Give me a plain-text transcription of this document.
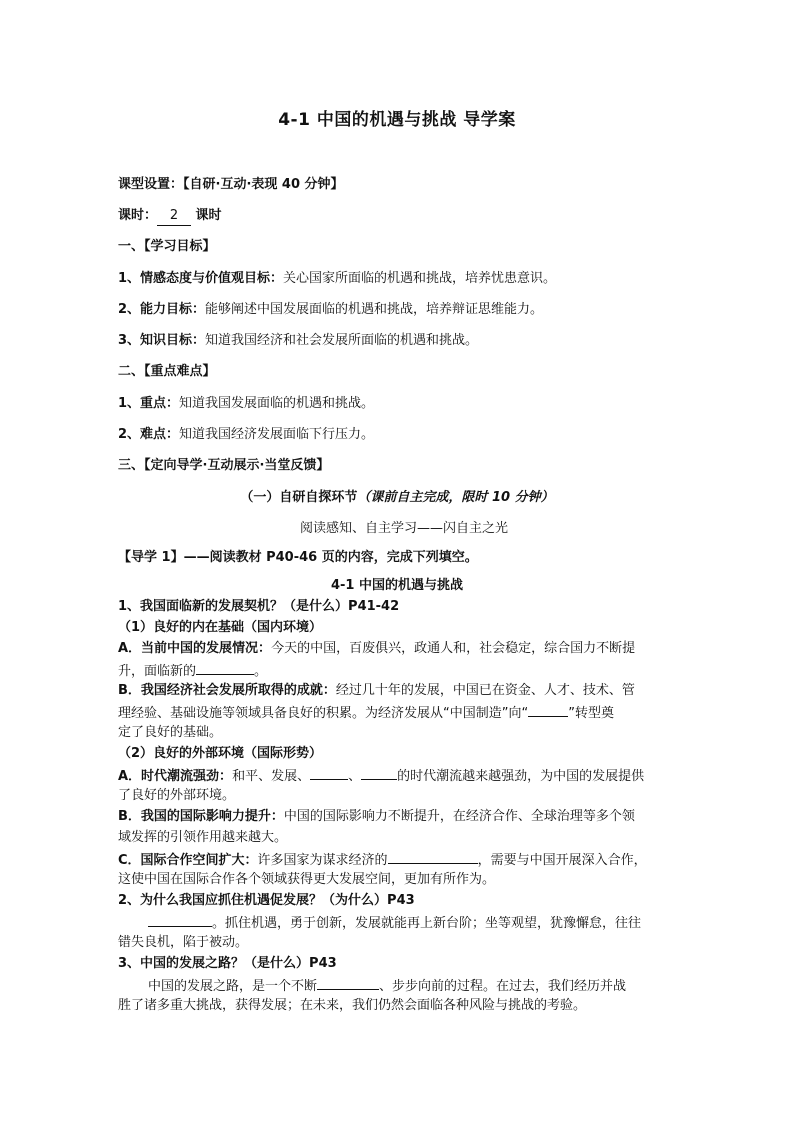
4-1 中国的机遇与挑战 导学案
课型设置：【自研·互动·表现 40 分钟】
课时： 2 课时
一、【学习目标】
1、情感态度与价值观目标：关心国家所面临的机遇和挑战，培养忧患意识。
2、能力目标：能够阐述中国发展面临的机遇和挑战，培养辩证思维能力。
3、知识目标：知道我国经济和社会发展所面临的机遇和挑战。
二、【重点难点】
1、重点：知道我国发展面临的机遇和挑战。
2、难点：知道我国经济发展面临下行压力。
三、【定向导学·互动展示·当堂反馈】
（一）自研自探环节（课前自主完成，限时 10 分钟）
阅读感知、自主学习——闪自主之光
【导学 1】——阅读教材 P40-46 页的内容，完成下列填空。
4-1 中国的机遇与挑战
1、我国面临新的发展契机？（是什么）P41-42
（1）良好的内在基础（国内环境）
A．当前中国的发展情况：今天的中国，百废俱兴，政通人和，社会稳定，综合国力不断提
升，面临新的	。
B．我国经济社会发展所取得的成就：经过几十年的发展，中国已在资金、人才、技术、管
理经验、基础设施等领域具备良好的积累。为经济发展从“中国制造”向“	”转型奠
定了良好的基础。
（2）良好的外部环境（国际形势）
A．时代潮流强劲：和平、发展、	、	的时代潮流越来越强劲，为中国的发展提供
了良好的外部环境。
B．我国的国际影响力提升：中国的国际影响力不断提升，在经济合作、全球治理等多个领
域发挥的引领作用越来越大。
C．国际合作空间扩大：许多国家为谋求经济的	，需要与中国开展深入合作，
这使中国在国际合作各个领域获得更大发展空间，更加有所作为。
2、为什么我国应抓住机遇促发展？（为什么）P43
。抓住机遇，勇于创新，发展就能再上新台阶；坐等观望，犹豫懈怠，往往
错失良机，陷于被动。
3、中国的发展之路？（是什么）P43
中国的发展之路，是一个不断	、步步向前的过程。在过去，我们经历并战
胜了诸多重大挑战，获得发展；在未来，我们仍然会面临各种风险与挑战的考验。
